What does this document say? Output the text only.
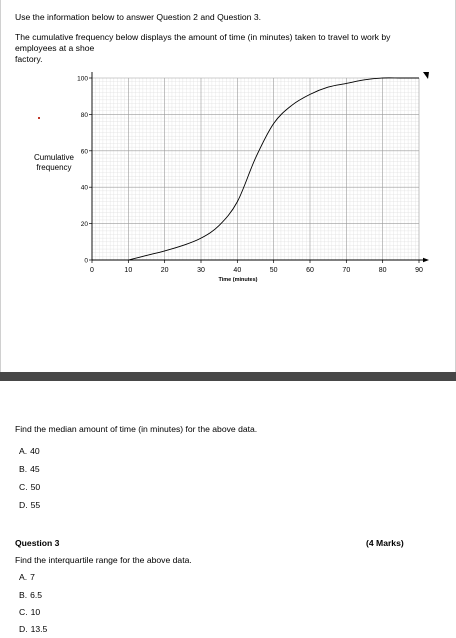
Use the information below to answer Question 2 and Question 3.
The cumulative frequency below displays the amount of time (in minutes) taken to travel to work by
employees at a shoe
factory.
0
20
40
60
80
100
0	10	20	30	40	50	60	70	80	90
Cumulative
frequency
Time (minutes)
Find the median amount of time (in minutes) for the above data.
A. 40
B. 45
C. 50
D. 55
Question 3	(4 Marks)
Find the interquartile range for the above data.
A. 7
B. 6.5
C. 10
D. 13.5
